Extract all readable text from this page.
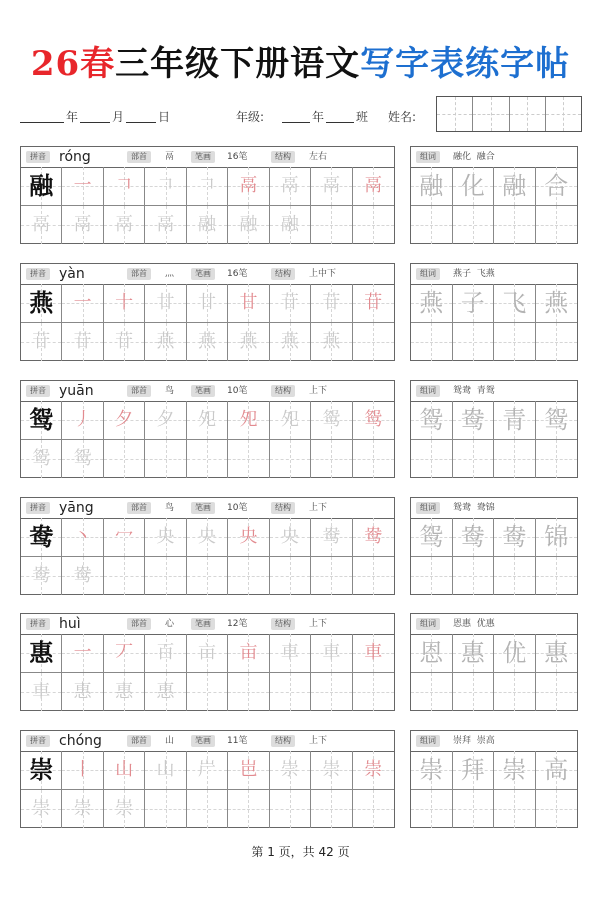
26春三年级下册语文写字表练字帖
年	月	日	年级:	年	班 姓名:
拼音 róng	部首	鬲	笔画	16笔	结构	左右
融 一 𠃍 𠃍 𠃍 鬲 鬲 鬲 鬲
鬲 鬲 鬲 鬲 融 融 融
组词	融化  融合
融 化 融 合
拼音 yàn	部首	灬	笔画	16笔	结构	上中下
燕 一 十 廿 廿 甘 苷 苷 苷
苷 苷 苷 燕 燕 燕 燕 燕
组词	燕子  飞燕
燕 子 飞 燕
拼音 yuān	部首	鸟	笔画	10笔	结构	上下
鸳 丿 夕 夕 夗 夗 夗 鸳 鸳
鸳 鸳
组词	鸳鸯  青鸳
鸳 鸯 青 鸳
拼音 yāng	部首	鸟	笔画	10笔	结构	上下
鸯 丶 冖 央 央 央 央 鸯 鸯
鸯 鸯
组词	鸳鸯  鸯锦
鸳 鸯 鸯 锦
拼音 huì	部首	心	笔画	12笔	结构	上下
惠 一 丆 百 亩 亩 車 車 車
車 惠 惠 惠
组词	恩惠  优惠
恩 惠 优 惠
拼音 chóng	部首	山	笔画	11笔	结构	上下
崇 丨 山 山 屵 岜 崇 崇 崇
崇 崇 崇
组词	崇拜  崇高
崇 拜 崇 高
第 1 页，共 42 页
